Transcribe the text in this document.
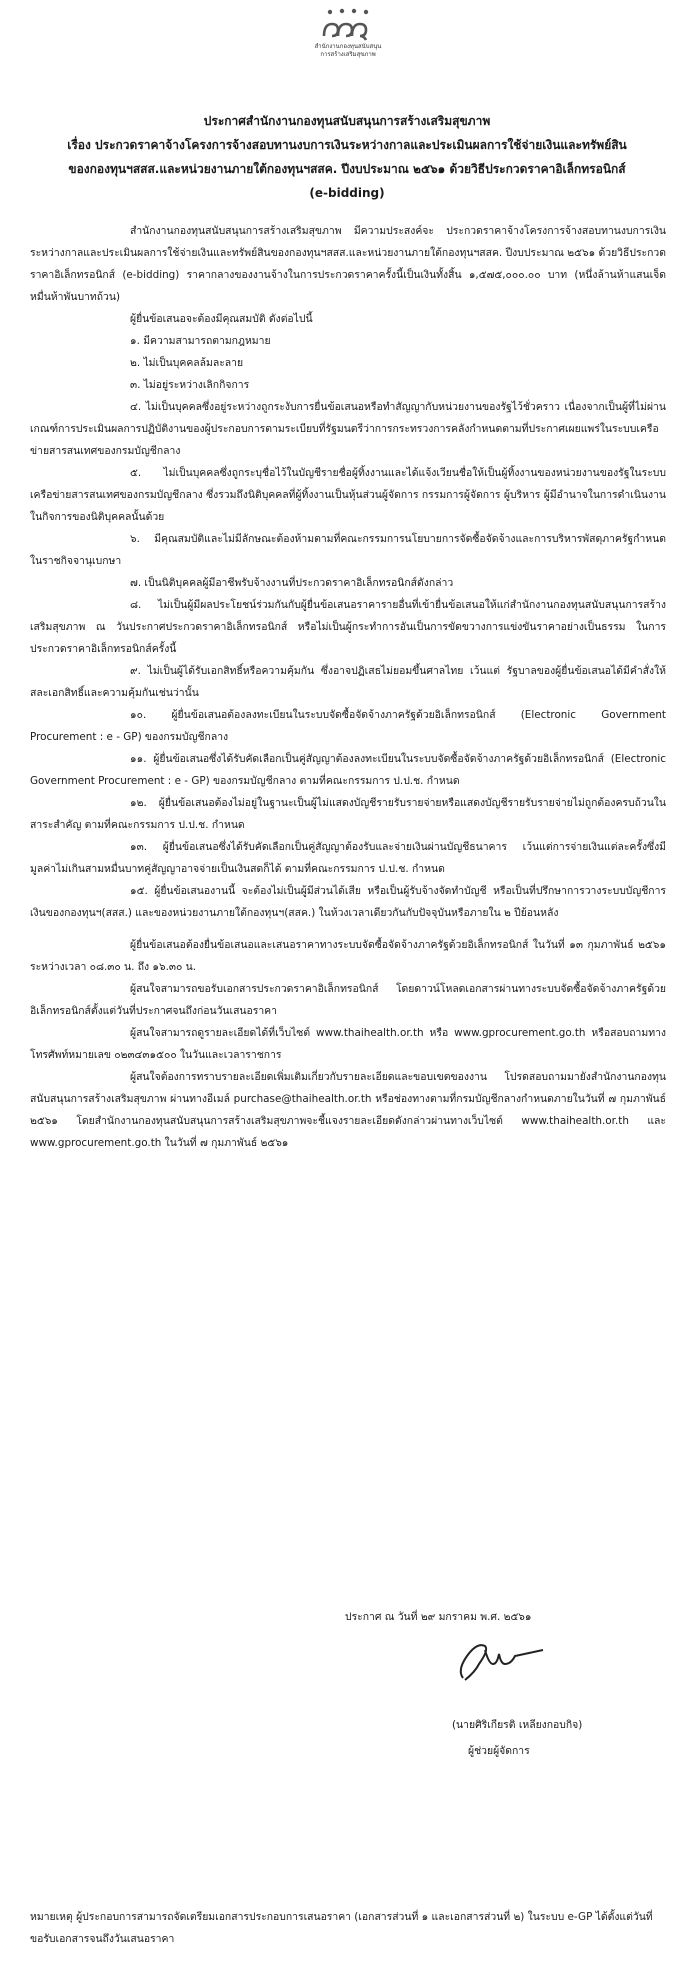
สำนักงานกองทุนสนับสนุน
การสร้างเสริมสุขภาพ
ประกาศสำนักงานกองทุนสนับสนุนการสร้างเสริมสุขภาพ
เรื่อง ประกวดราคาจ้างโครงการจ้างสอบทานงบการเงินระหว่างกาลและประเมินผลการใช้จ่ายเงินและทรัพย์สิน
ของกองทุนฯสสส.และหน่วยงานภายใต้กองทุนฯสสค. ปีงบประมาณ ๒๕๖๑ ด้วยวิธีประกวดราคาอิเล็กทรอนิกส์
(e-bidding)

สำนักงานกองทุนสนับสนุนการสร้างเสริมสุขภาพ มีความประสงค์จะ ประกวดราคาจ้างโครงการจ้างสอบทานงบการเงินระหว่างกาลและประเมินผลการใช้จ่ายเงินและทรัพย์สินของกองทุนฯสสส.และหน่วยงานภายใต้กองทุนฯสสค. ปีงบประมาณ ๒๕๖๑ ด้วยวิธีประกวดราคาอิเล็กทรอนิกส์ (e-bidding) ราคากลางของงานจ้างในการประกวดราคาครั้งนี้เป็นเงินทั้งสิ้น ๑,๕๗๕,๐๐๐.๐๐ บาท (หนึ่งล้านห้าแสนเจ็ดหมื่นห้าพันบาทถ้วน)

ผู้ยื่นข้อเสนอจะต้องมีคุณสมบัติ ดังต่อไปนี้

๑. มีความสามารถตามกฎหมาย

๒. ไม่เป็นบุคคลล้มละลาย

๓. ไม่อยู่ระหว่างเลิกกิจการ

๔. ไม่เป็นบุคคลซึ่งอยู่ระหว่างถูกระงับการยื่นข้อเสนอหรือทำสัญญากับหน่วยงานของรัฐไว้ชั่วคราว เนื่องจากเป็นผู้ที่ไม่ผ่านเกณฑ์การประเมินผลการปฏิบัติงานของผู้ประกอบการตามระเบียบที่รัฐมนตรีว่าการกระทรวงการคลังกำหนดตามที่ประกาศเผยแพร่ในระบบเครือข่ายสารสนเทศของกรมบัญชีกลาง

๕. ไม่เป็นบุคคลซึ่งถูกระบุชื่อไว้ในบัญชีรายชื่อผู้ทิ้งงานและได้แจ้งเวียนชื่อให้เป็นผู้ทิ้งงานของหน่วยงานของรัฐในระบบเครือข่ายสารสนเทศของกรมบัญชีกลาง ซึ่งรวมถึงนิติบุคคลที่ผู้ทิ้งงานเป็นหุ้นส่วนผู้จัดการ กรรมการผู้จัดการ ผู้บริหาร ผู้มีอำนาจในการดำเนินงานในกิจการของนิติบุคคลนั้นด้วย

๖. มีคุณสมบัติและไม่มีลักษณะต้องห้ามตามที่คณะกรรมการนโยบายการจัดซื้อจัดจ้างและการบริหารพัสดุภาครัฐกำหนดในราชกิจจานุเบกษา

๗. เป็นนิติบุคคลผู้มีอาชีพรับจ้างงานที่ประกวดราคาอิเล็กทรอนิกส์ดังกล่าว

๘. ไม่เป็นผู้มีผลประโยชน์ร่วมกันกับผู้ยื่นข้อเสนอราคารายอื่นที่เข้ายื่นข้อเสนอให้แก่สำนักงานกองทุนสนับสนุนการสร้างเสริมสุขภาพ ณ วันประกาศประกวดราคาอิเล็กทรอนิกส์ หรือไม่เป็นผู้กระทำการอันเป็นการขัดขวางการแข่งขันราคาอย่างเป็นธรรม ในการประกวดราคาอิเล็กทรอนิกส์ครั้งนี้

๙. ไม่เป็นผู้ได้รับเอกสิทธิ์หรือความคุ้มกัน ซึ่งอาจปฏิเสธไม่ยอมขึ้นศาลไทย เว้นแต่ รัฐบาลของผู้ยื่นข้อเสนอได้มีคำสั่งให้สละเอกสิทธิ์และความคุ้มกันเช่นว่านั้น

๑๐. ผู้ยื่นข้อเสนอต้องลงทะเบียนในระบบจัดซื้อจัดจ้างภาครัฐด้วยอิเล็กทรอนิกส์ (Electronic Government Procurement : e - GP) ของกรมบัญชีกลาง

๑๑. ผู้ยื่นข้อเสนอซึ่งได้รับคัดเลือกเป็นคู่สัญญาต้องลงทะเบียนในระบบจัดซื้อจัดจ้างภาครัฐด้วยอิเล็กทรอนิกส์ (Electronic Government Procurement : e - GP) ของกรมบัญชีกลาง ตามที่คณะกรรมการ ป.ป.ช. กำหนด

๑๒. ผู้ยื่นข้อเสนอต้องไม่อยู่ในฐานะเป็นผู้ไม่แสดงบัญชีรายรับรายจ่ายหรือแสดงบัญชีรายรับรายจ่ายไม่ถูกต้องครบถ้วนในสาระสำคัญ ตามที่คณะกรรมการ ป.ป.ช. กำหนด

๑๓. ผู้ยื่นข้อเสนอซึ่งได้รับคัดเลือกเป็นคู่สัญญาต้องรับและจ่ายเงินผ่านบัญชีธนาคาร เว้นแต่การจ่ายเงินแต่ละครั้งซึ่งมีมูลค่าไม่เกินสามหมื่นบาทคู่สัญญาอาจจ่ายเป็นเงินสดก็ได้ ตามที่คณะกรรมการ ป.ป.ช. กำหนด

๑๕. ผู้ยื่นข้อเสนองานนี้ จะต้องไม่เป็นผู้มีส่วนได้เสีย หรือเป็นผู้รับจ้างจัดทำบัญชี หรือเป็นที่ปรึกษาการวางระบบบัญชีการเงินของกองทุนฯ(สสส.) และของหน่วยงานภายใต้กองทุนฯ(สสค.) ในห้วงเวลาเดียวกันกับปัจจุบันหรือภายใน ๒ ปีย้อนหลัง

ผู้ยื่นข้อเสนอต้องยื่นข้อเสนอและเสนอราคาทางระบบจัดซื้อจัดจ้างภาครัฐด้วยอิเล็กทรอนิกส์ ในวันที่ ๑๓ กุมภาพันธ์ ๒๕๖๑ ระหว่างเวลา ๐๘.๓๐ น. ถึง ๑๖.๓๐ น.

ผู้สนใจสามารถขอรับเอกสารประกวดราคาอิเล็กทรอนิกส์ โดยดาวน์โหลดเอกสารผ่านทางระบบจัดซื้อจัดจ้างภาครัฐด้วยอิเล็กทรอนิกส์ตั้งแต่วันที่ประกาศจนถึงก่อนวันเสนอราคา

ผู้สนใจสามารถดูรายละเอียดได้ที่เว็บไซต์ www.thaihealth.or.th หรือ www.gprocurement.go.th หรือสอบถามทางโทรศัพท์หมายเลข ๐๒๓๔๓๑๕๐๐ ในวันและเวลาราชการ

ผู้สนใจต้องการทราบรายละเอียดเพิ่มเติมเกี่ยวกับรายละเอียดและขอบเขตของงาน โปรดสอบถามมายังสำนักงานกองทุนสนับสนุนการสร้างเสริมสุขภาพ ผ่านทางอีเมล์ purchase@thaihealth.or.th หรือช่องทางตามที่กรมบัญชีกลางกำหนดภายในวันที่ ๗ กุมภาพันธ์ ๒๕๖๑ โดยสำนักงานกองทุนสนับสนุนการสร้างเสริมสุขภาพจะชี้แจงรายละเอียดดังกล่าวผ่านทางเว็บไซต์ www.thaihealth.or.th และ www.gprocurement.go.th ในวันที่ ๗ กุมภาพันธ์ ๒๕๖๑

ประกาศ ณ วันที่ ๒๙ มกราคม พ.ศ. ๒๕๖๑
(นายศิริเกียรติ เหลียงกอบกิจ)
ผู้ช่วยผู้จัดการ
หมายเหตุ ผู้ประกอบการสามารถจัดเตรียมเอกสารประกอบการเสนอราคา (เอกสารส่วนที่ ๑ และเอกสารส่วนที่ ๒) ในระบบ e-GP ได้ตั้งแต่วันที่ขอรับเอกสารจนถึงวันเสนอราคา
